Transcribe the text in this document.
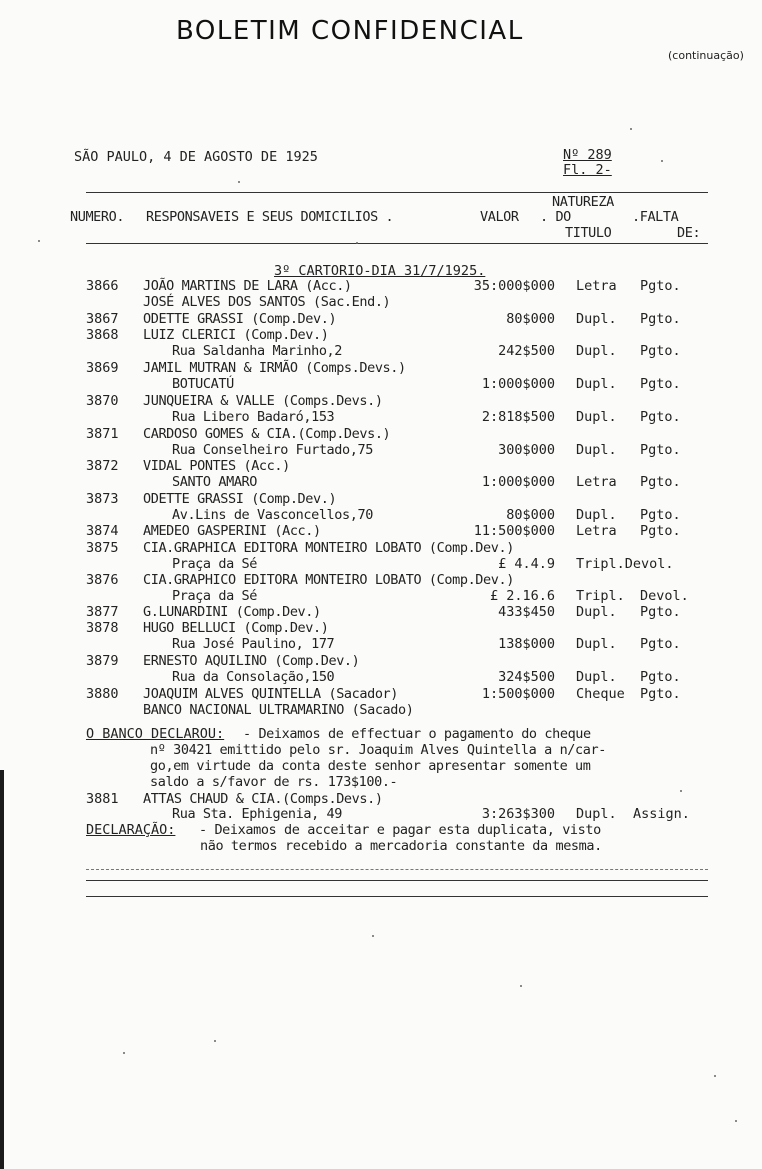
BOLETIM CONFIDENCIAL
(continuação)
SÃO PAULO, 4 DE AGOSTO DE 1925	Nº 289
Fl. 2-
NATUREZA
NUMERO. RESPONSAVEIS E SEUS DOMICILIOS .	VALOR . DO	.FALTA
TITULO	DE:
3º CARTORIO-DIA 31/7/1925.
3866 JOÃO MARTINS DE LARA (Acc.)	35:000$000 Letra Pgto.
JOSÉ ALVES DOS SANTOS (Sac.End.)
3867 ODETTE GRASSI (Comp.Dev.)	80$000 Dupl. Pgto.
3868 LUIZ CLERICI (Comp.Dev.)
Rua Saldanha Marinho,2	242$500 Dupl. Pgto.
3869 JAMIL MUTRAN & IRMÃO (Comps.Devs.)
BOTUCATÚ	1:000$000 Dupl. Pgto.
3870 JUNQUEIRA & VALLE (Comps.Devs.)
Rua Libero Badaró,153	2:818$500 Dupl. Pgto.
3871 CARDOSO GOMES & CIA.(Comp.Devs.)
Rua Conselheiro Furtado,75	300$000 Dupl. Pgto.
3872 VIDAL PONTES (Acc.)
SANTO AMARO	1:000$000 Letra Pgto.
3873 ODETTE GRASSI (Comp.Dev.)
Av.Lins de Vasconcellos,70	80$000 Dupl. Pgto.
3874 AMEDEO GASPERINI (Acc.)	11:500$000 Letra Pgto.
3875 CIA.GRAPHICA EDITORA MONTEIRO LOBATO (Comp.Dev.)
Praça da Sé	£ 4.4.9 Tripl.Devol.
3876 CIA.GRAPHICO EDITORA MONTEIRO LOBATO (Comp.Dev.)
Praça da Sé	£ 2.16.6 Tripl. Devol.
3877 G.LUNARDINI (Comp.Dev.)	433$450 Dupl. Pgto.
3878 HUGO BELLUCI (Comp.Dev.)
Rua José Paulino, 177	138$000 Dupl. Pgto.
3879 ERNESTO AQUILINO (Comp.Dev.)
Rua da Consolação,150	324$500 Dupl. Pgto.
3880 JOAQUIM ALVES QUINTELLA (Sacador)	1:500$000 Cheque Pgto.
BANCO NACIONAL ULTRAMARINO (Sacado)
O BANCO DECLAROU: - Deixamos de effectuar o pagamento do cheque
nº 30421 emittido pelo sr. Joaquim Alves Quintella a n/car-
go,em virtude da conta deste senhor apresentar somente um
saldo a s/favor de rs. 173$100.-
3881 ATTAS CHAUD & CIA.(Comps.Devs.)
Rua Sta. Ephigenia, 49	3:263$300 Dupl. Assign.
DECLARAÇÃO: - Deixamos de acceitar e pagar esta duplicata, visto
não termos recebido a mercadoria constante da mesma.
